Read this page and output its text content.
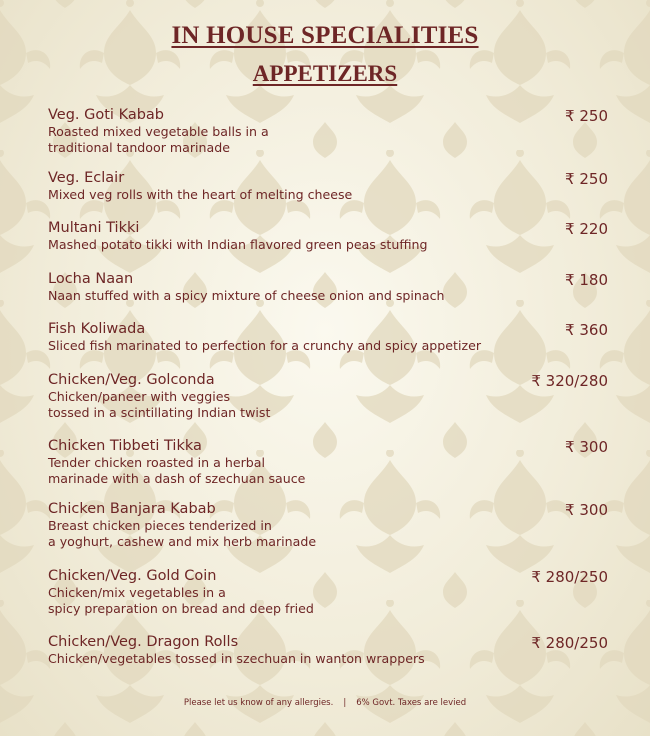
IN HOUSE SPECIALITIES
APPETIZERS
Veg. Goti Kabab
Roasted mixed vegetable balls in a
traditional tandoor marinade
₹ 250
Veg. Eclair
Mixed veg rolls with the heart of melting cheese
₹ 250
Multani Tikki
Mashed potato tikki with Indian flavored green peas stuffing
₹ 220
Locha Naan
Naan stuffed with a spicy mixture of cheese onion and spinach
₹ 180
Fish Koliwada
Sliced fish marinated to perfection for a crunchy and spicy appetizer
₹ 360
Chicken/Veg. Golconda
Chicken/paneer with veggies
tossed in a scintillating Indian twist
₹ 320/280
Chicken Tibbeti Tikka
Tender chicken roasted in a herbal
marinade with a dash of szechuan sauce
₹ 300
Chicken Banjara Kabab
Breast chicken pieces tenderized in
a yoghurt, cashew and mix herb marinade
₹ 300
Chicken/Veg. Gold Coin
Chicken/mix vegetables in a
spicy preparation on bread and deep fried
₹ 280/250
Chicken/Veg. Dragon Rolls
Chicken/vegetables tossed in szechuan in wanton wrappers
₹ 280/250
Please let us know of any allergies. | 6% Govt. Taxes are levied
